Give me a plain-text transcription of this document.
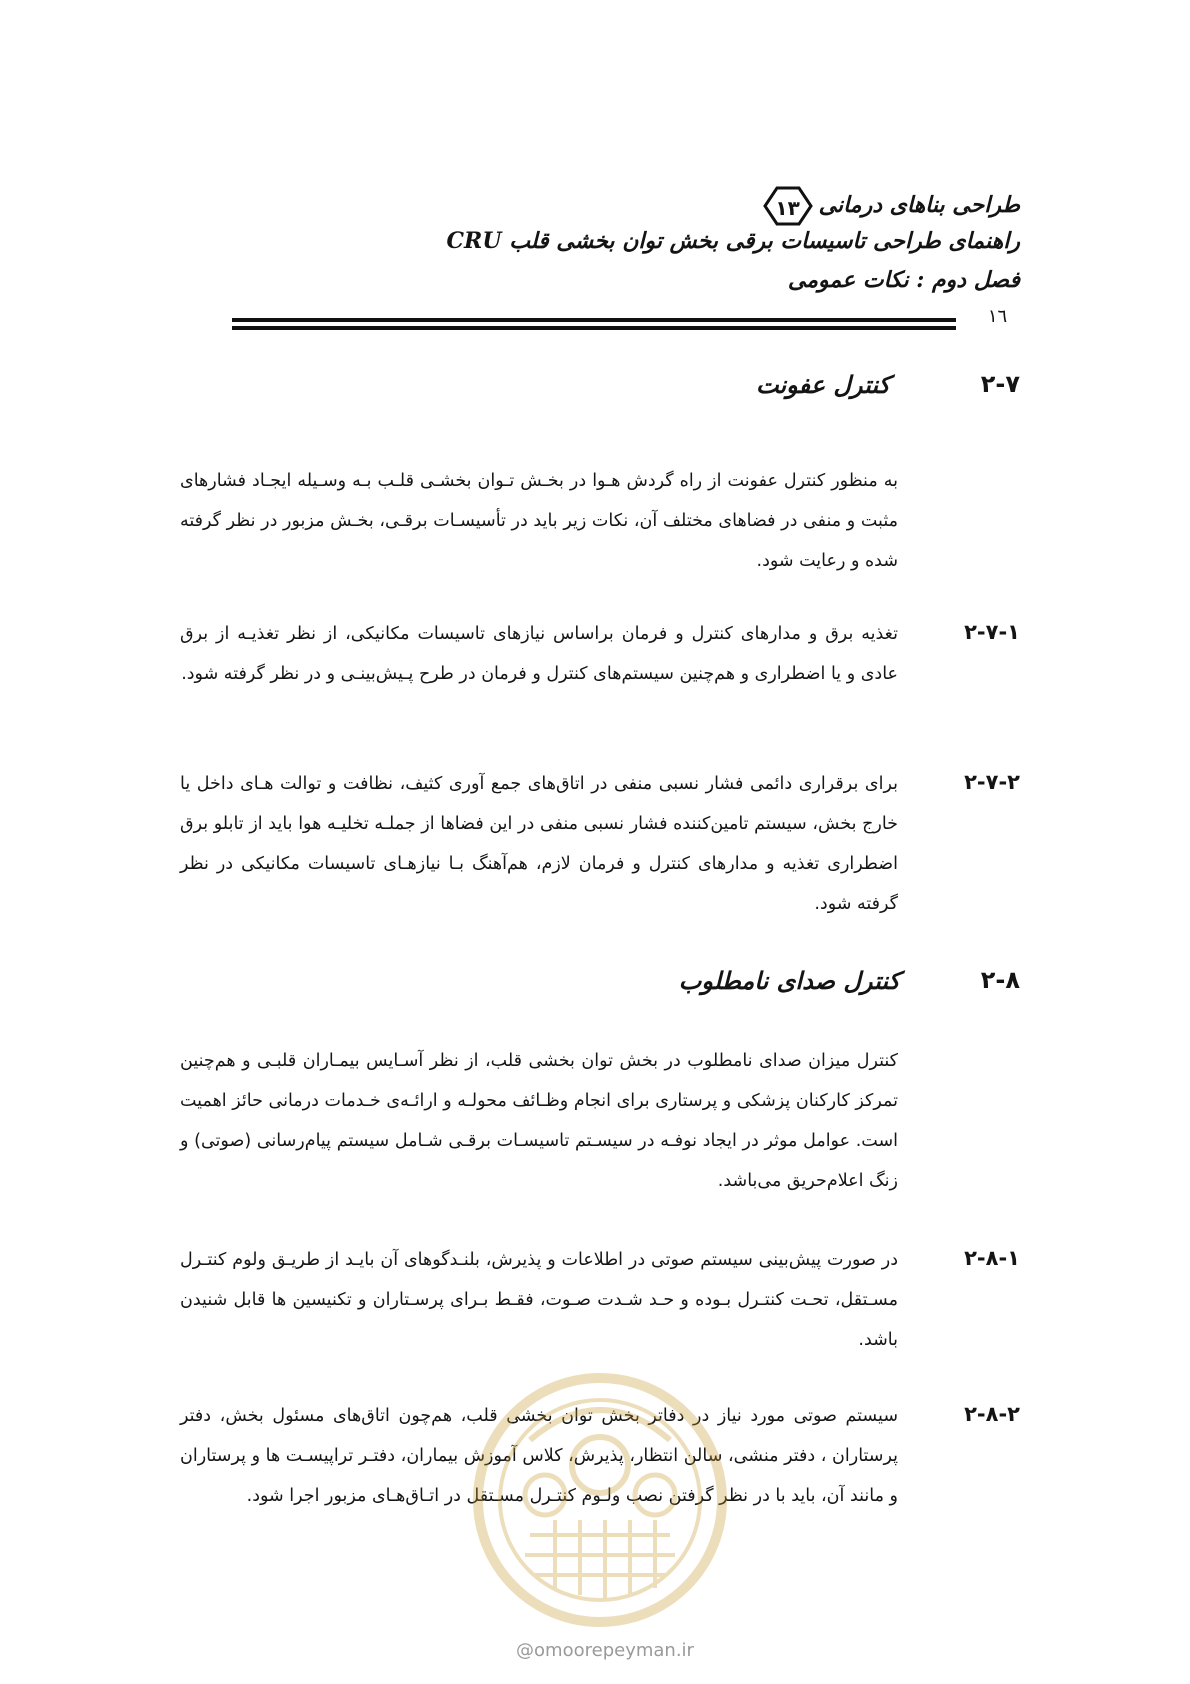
طراحی بناهای درمانی
۱۳
راهنمای طراحی تاسیسات برقی بخش توان بخشی قلب CRU
فصل دوم : نکات عمومی
۱٦
۲-۷
کنترل عفونت
به منظور کنترل عفونت از راه گردش هـوا در بخـش تـوان بخشـی قلـب بـه وسـیله ایجـاد فشارهای مثبت و منفی در فضاهای مختلف آن، نکات زیر باید در تأسیسـات برقـی، بخـش مزبور در نظر گرفته شده و رعایت شود.
۲-۷-۱
تغذیه برق و مدارهای کنترل و فرمان براساس نیازهای تاسیسات مکانیکی، از نظر تغذیـه از برق عادی و یا اضطراری و هم‌چنین سیستم‌های کنترل و فرمان در طرح پـیش‌بینـی و در نظر گرفته شود.
۲-۷-۲
برای برقراری دائمی فشار نسبی منفی در اتاق‌های جمع آوری کثیف، نظافت و توالت هـای داخل یا خارج بخش، سیستم تامین‌کننده فشار نسبی منفی در این فضاها از جملـه تخلیـه هوا باید از تابلو برق اضطراری تغذیه و مدارهای کنترل و فرمان لازم، هم‌آهنگ بـا نیازهـای تاسیسات مکانیکی در نظر گرفته شود.
۲-۸
کنترل صدای نامطلوب
کنترل میزان صدای نامطلوب در بخش توان بخشی قلب، از نظر آسـایس بیمـاران قلبـی و هم‌چنین تمرکز کارکنان پزشکی و پرستاری برای انجام وظـائف محولـه و ارائـه‌ی خـدمات درمانی حائز اهمیت است. عوامل موثر در ایجاد نوفـه در سیسـتم تاسیسـات برقـی شـامل سیستم پیام‌رسانی (صوتی) و زنگ اعلام‌حریق می‌باشد.
۲-۸-۱
در صورت پیش‌بینی سیستم صوتی در اطلاعات و پذیرش، بلنـدگوهای آن بایـد از طریـق ولوم کنتـرل مسـتقل، تحـت کنتـرل بـوده و حـد شـدت صـوت، فقـط بـرای پرسـتاران و تکنیسین ها قابل شنیدن باشد.
۲-۸-۲
سیستم صوتی مورد نیاز در دفاتر بخش توان بخشی قلب، هم‌چون اتاق‌های مسئول بخش، دفتر پرستاران ، دفتر منشی، سالن انتظار، پذیرش، کلاس آموزش بیماران، دفتـر تراپیسـت ها و پرستاران و مانند آن، باید با در نظر گرفتن نصب ولـوم کنتـرل مسـتقل در اتـاق‌هـای مزبور اجرا شود.
@omoorepeyman.ir
